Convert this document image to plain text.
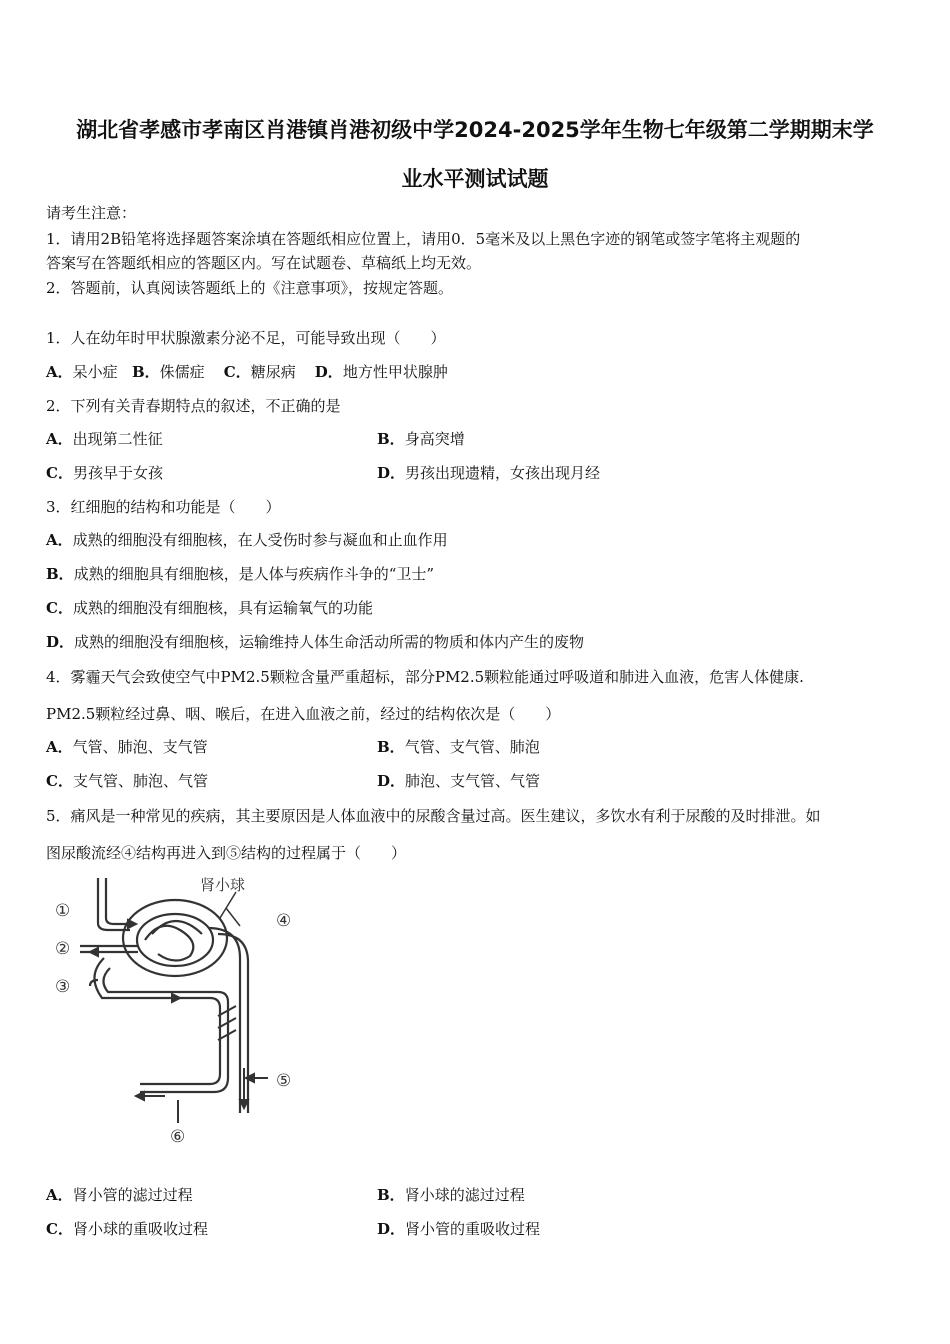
湖北省孝感市孝南区肖港镇肖港初级中学2024-2025学年生物七年级第二学期期末学
业水平测试试题
请考生注意：
1．请用2B铅笔将选择题答案涂填在答题纸相应位置上，请用0．5毫米及以上黑色字迹的钢笔或签字笔将主观题的
答案写在答题纸相应的答题区内。写在试题卷、草稿纸上均无效。
2．答题前，认真阅读答题纸上的《注意事项》，按规定答题。
1．人在幼年时甲状腺激素分泌不足，可能导致出现（　　）
A．呆小症 B．侏儒症 C．糖尿病 D．地方性甲状腺肿
2．下列有关青春期特点的叙述，不正确的是
A．出现第二性征	B．身高突增
C．男孩早于女孩	D．男孩出现遗精，女孩出现月经
3．红细胞的结构和功能是（　　）
A．成熟的细胞没有细胞核，在人受伤时参与凝血和止血作用
B．成熟的细胞具有细胞核，是人体与疾病作斗争的“卫士”
C．成熟的细胞没有细胞核，具有运输氧气的功能
D．成熟的细胞没有细胞核，运输维持人体生命活动所需的物质和体内产生的废物
4．雾霾天气会致使空气中PM2.5颗粒含量严重超标，部分PM2.5颗粒能通过呼吸道和肺进入血液，危害人体健康.
PM2.5颗粒经过鼻、咽、喉后，在进入血液之前，经过的结构依次是（　　）
A．气管、肺泡、支气管	B．气管、支气管、肺泡
C．支气管、肺泡、气管	D．肺泡、支气管、气管
5．痛风是一种常见的疾病，其主要原因是人体血液中的尿酸含量过高。医生建议，多饮水有利于尿酸的及时排泄。如
图尿酸流经④结构再进入到⑤结构的过程属于（　　）
肾小球
①
②
③
④
⑤
⑥
A．肾小管的滤过过程	B．肾小球的滤过过程
C．肾小球的重吸收过程	D．肾小管的重吸收过程
